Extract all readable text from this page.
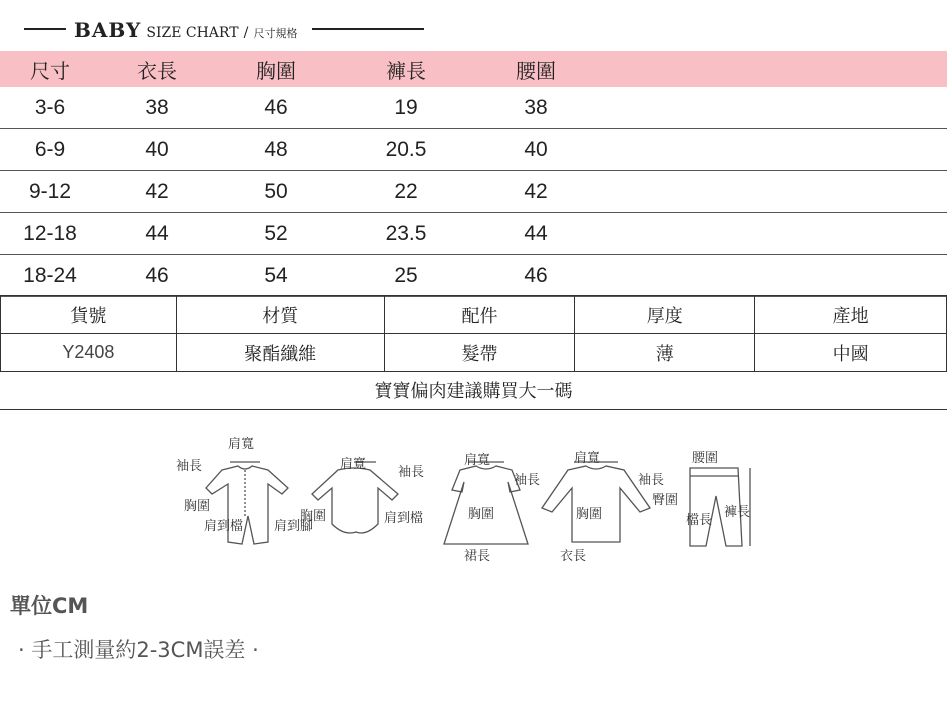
BABY SIZE CHART / 尺寸規格
尺寸	衣長	胸圍	褲長	腰圍
3-6	38	46	19	38
6-9	40	48	20.5	40
9-12	42	50	22	42
12-18	44	52	23.5	44
18-24	46	54	25	46
貨號	材質	配件	厚度	產地
Y2408	聚酯纖維	髮帶	薄	中國
寶寶偏肉建議購買大一碼
肩寬
袖長
胸圍
肩到檔 肩到腳
肩寬
袖長
胸圍	肩到檔
肩寬
袖長
胸圍
裙長
肩寬
袖長
胸圍
衣長
腰圍
臀圍
檔長
褲長
單位CM
· 手工測量約2-3CM誤差 ·
